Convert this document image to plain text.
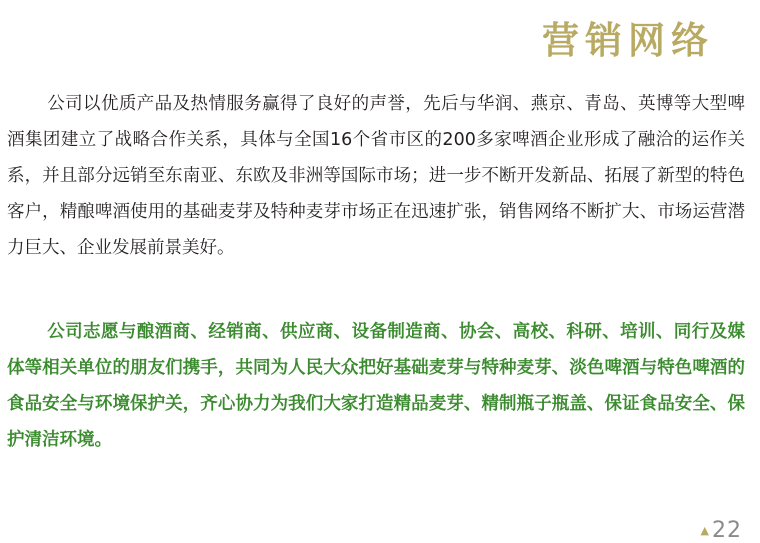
营销网络

公司以优质产品及热情服务赢得了良好的声誉，先后与华润、燕京、青岛、英博等大型啤酒集团建立了战略合作关系，具体与全国16个省市区的200多家啤酒企业形成了融洽的运作关系，并且部分远销至东南亚、东欧及非洲等国际市场；进一步不断开发新品、拓展了新型的特色客户，精酿啤酒使用的基础麦芽及特种麦芽市场正在迅速扩张，销售网络不断扩大、市场运营潜力巨大、企业发展前景美好。

公司志愿与酿酒商、经销商、供应商、设备制造商、协会、高校、科研、培训、同行及媒体等相关单位的朋友们携手，共同为人民大众把好基础麦芽与特种麦芽、淡色啤酒与特色啤酒的食品安全与环境保护关，齐心协力为我们大家打造精品麦芽、精制瓶子瓶盖、保证食品安全、保护清洁环境。

▲22
